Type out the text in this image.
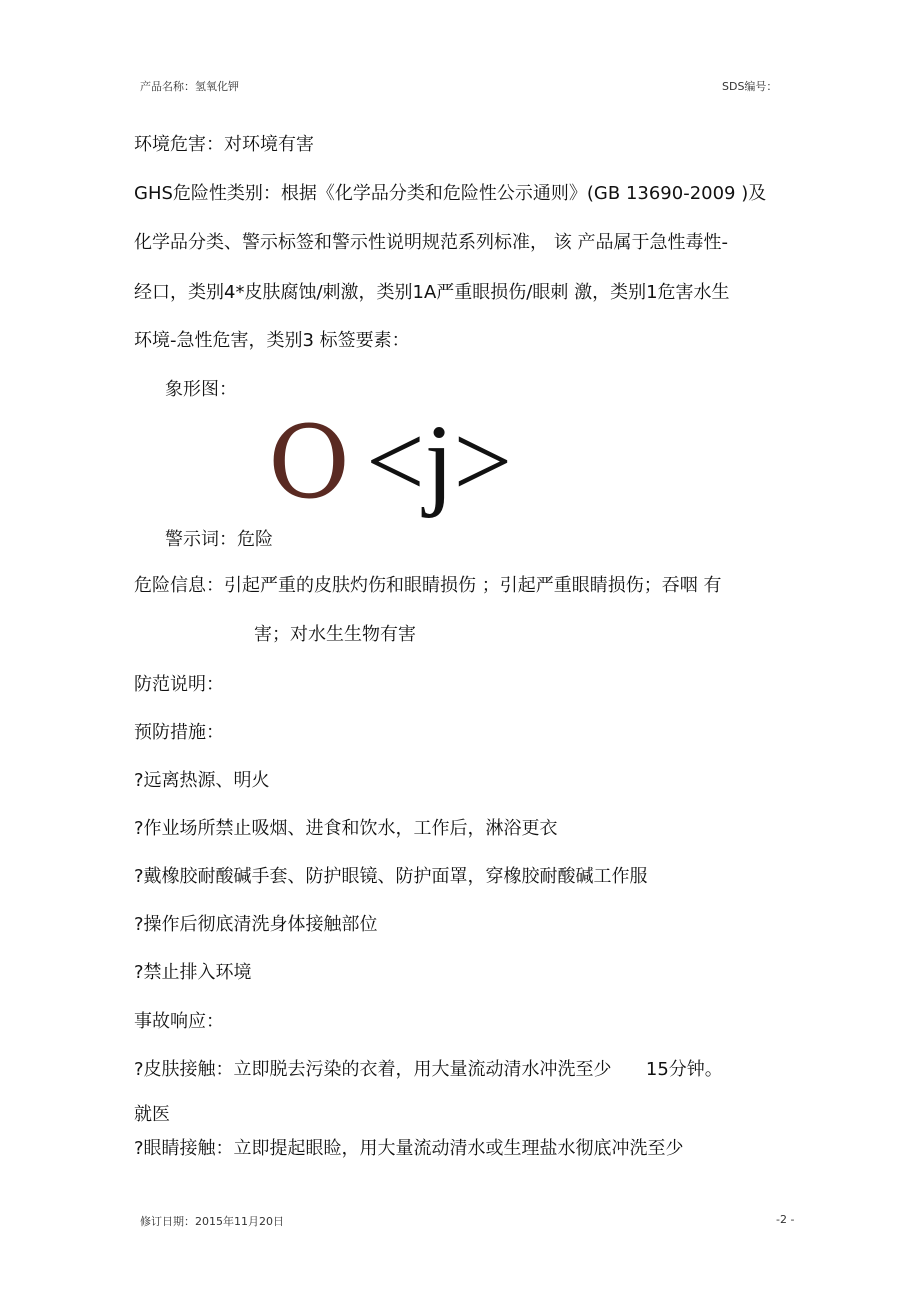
产品名称：氢氧化钾	SDS编号：
环境危害：对环境有害
GHS危险性类别：根据《化学品分类和危险性公示通则》(GB 13690-2009 )及
化学品分类、警示标签和警示性说明规范系列标准， 该 产品属于急性毒性-
经口，类别4*皮肤腐蚀/刺激，类别1A严重眼损伤/眼刺 激，类别1危害水生
环境-急性危害，类别3 标签要素：
象形图：
O <j>
警示词：危险
危险信息：引起严重的皮肤灼伤和眼睛损伤 ；引起严重眼睛损伤；吞咽 有
害；对水生生物有害
防范说明：
预防措施：
?远离热源、明火
?作业场所禁止吸烟、进食和饮水，工作后，淋浴更衣
?戴橡胶耐酸碱手套、防护眼镜、防护面罩，穿橡胶耐酸碱工作服
?操作后彻底清洗身体接触部位
?禁止排入环境
事故响应：
?皮肤接触：立即脱去污染的衣着，用大量流动清水冲洗至少      15分钟。
就医
?眼睛接触：立即提起眼睑，用大量流动清水或生理盐水彻底冲洗至少
修订日期：2015年11月20日	-2 -
